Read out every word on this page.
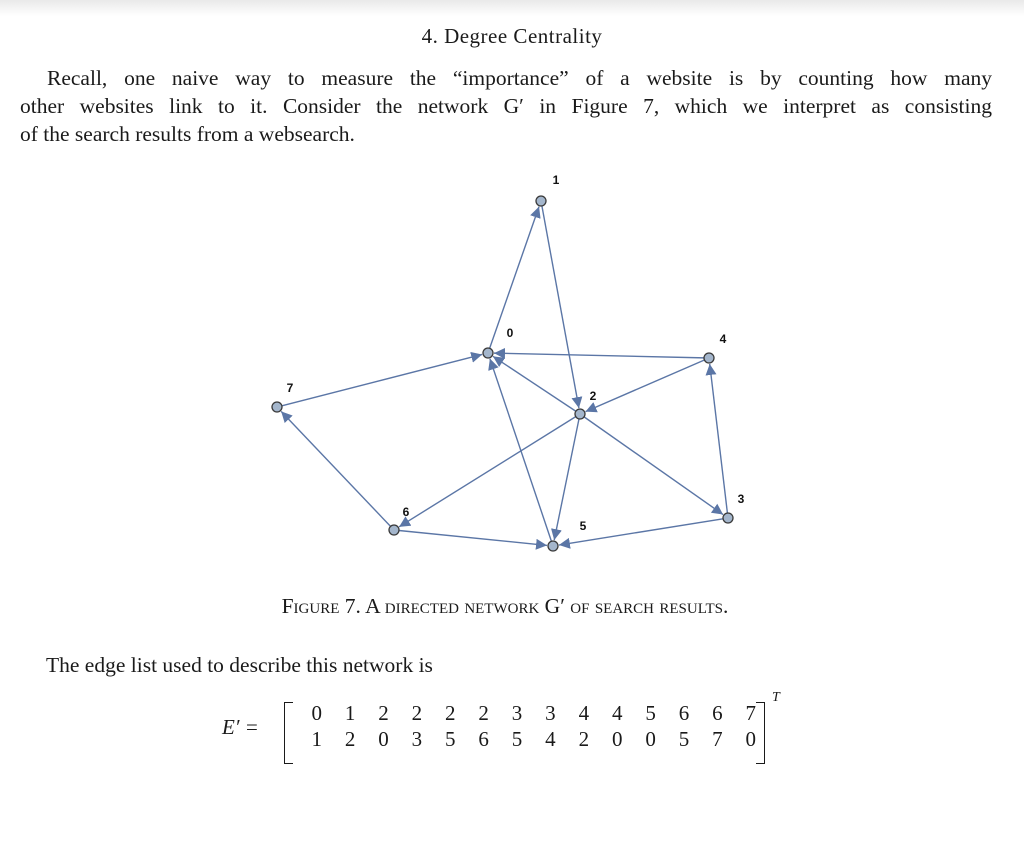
4. Degree Centrality
Recall, one naive way to measure the “importance” of a website is by counting how many
other websites link to it. Consider the network G′ in Figure 7, which we interpret as consisting
of the search results from a websearch.
0
1
2
3
4
5
6
7
Figure 7. A directed network G′ of search results.
The edge list used to describe this network is
E′ =
0	1	2	2	2	2	3	3	4	4	5	6	6	7
1	2	0	3	5	6	5	4	2	0	0	5	7	0
T
